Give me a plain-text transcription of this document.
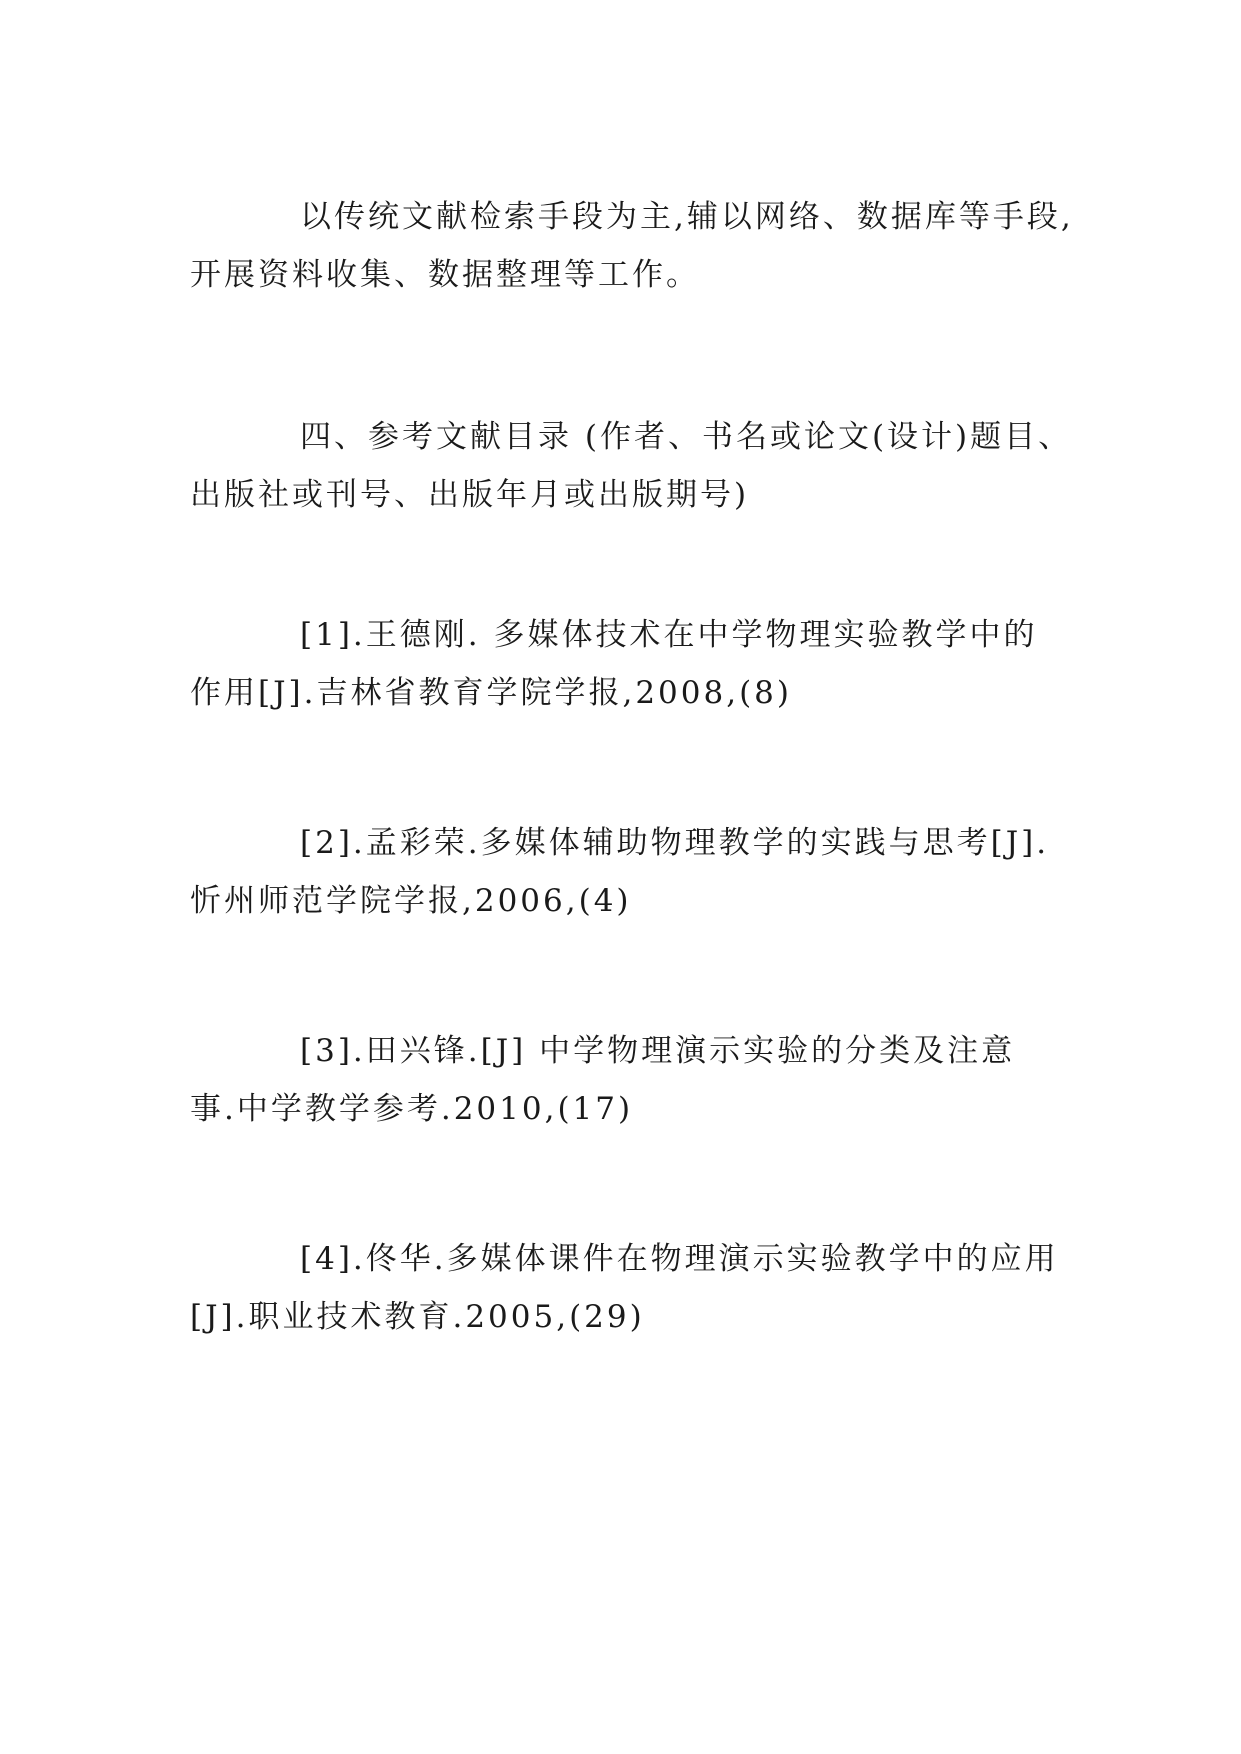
以传统文献检索手段为主,辅以网络、数据库等手段,
开展资料收集、数据整理等工作。

四、参考文献目录 (作者、书名或论文(设计)题目、
出版社或刊号、出版年月或出版期号)

[1].王德刚. 多媒体技术在中学物理实验教学中的
作用[J].吉林省教育学院学报,2008,(8)

[2].孟彩荣.多媒体辅助物理教学的实践与思考[J].
忻州师范学院学报,2006,(4)

[3].田兴锋.[J] 中学物理演示实验的分类及注意
事.中学教学参考.2010,(17)

[4].佟华.多媒体课件在物理演示实验教学中的应用
[J].职业技术教育.2005,(29)
